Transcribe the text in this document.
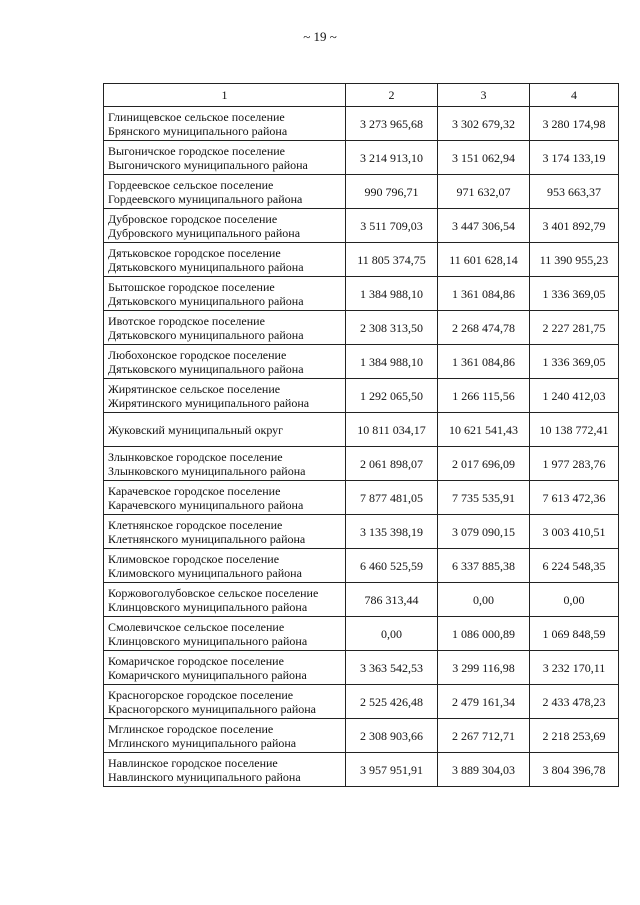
~ 19 ~
1	2	3	4

Глинищевское сельское поселение
Брянского муниципального района	3 273 965,68	3 302 679,32	3 280 174,98

Выгоничское городское поселение
Выгоничского муниципального района	3 214 913,10	3 151 062,94	3 174 133,19

Гордеевское сельское поселение
Гордеевского муниципального района	990 796,71	971 632,07	953 663,37

Дубровское городское поселение
Дубровского муниципального района	3 511 709,03	3 447 306,54	3 401 892,79

Дятьковское городское поселение
Дятьковского муниципального района	11 805 374,75	11 601 628,14	11 390 955,23

Бытошское городское поселение
Дятьковского муниципального района	1 384 988,10	1 361 084,86	1 336 369,05

Ивотское городское поселение
Дятьковского муниципального района	2 308 313,50	2 268 474,78	2 227 281,75

Любохонское городское поселение
Дятьковского муниципального района	1 384 988,10	1 361 084,86	1 336 369,05

Жирятинское сельское поселение
Жирятинского муниципального района	1 292 065,50	1 266 115,56	1 240 412,03

Жуковский муниципальный округ	10 811 034,17	10 621 541,43	10 138 772,41

Злынковское городское поселение
Злынковского муниципального района	2 061 898,07	2 017 696,09	1 977 283,76

Карачевское городское поселение
Карачевского муниципального района	7 877 481,05	7 735 535,91	7 613 472,36

Клетнянское городское поселение
Клетнянского муниципального района	3 135 398,19	3 079 090,15	3 003 410,51

Климовское городское поселение
Климовского муниципального района	6 460 525,59	6 337 885,38	6 224 548,35

Коржовоголубовское сельское поселение
Клинцовского муниципального района	786 313,44	0,00	0,00

Смолевичское сельское поселение
Клинцовского муниципального района	0,00	1 086 000,89	1 069 848,59

Комаричское городское поселение
Комаричского муниципального района	3 363 542,53	3 299 116,98	3 232 170,11

Красногорское городское поселение
Красногорского муниципального района	2 525 426,48	2 479 161,34	2 433 478,23

Мглинское городское поселение
Мглинского муниципального района	2 308 903,66	2 267 712,71	2 218 253,69

Навлинское городское поселение
Навлинского муниципального района	3 957 951,91	3 889 304,03	3 804 396,78
